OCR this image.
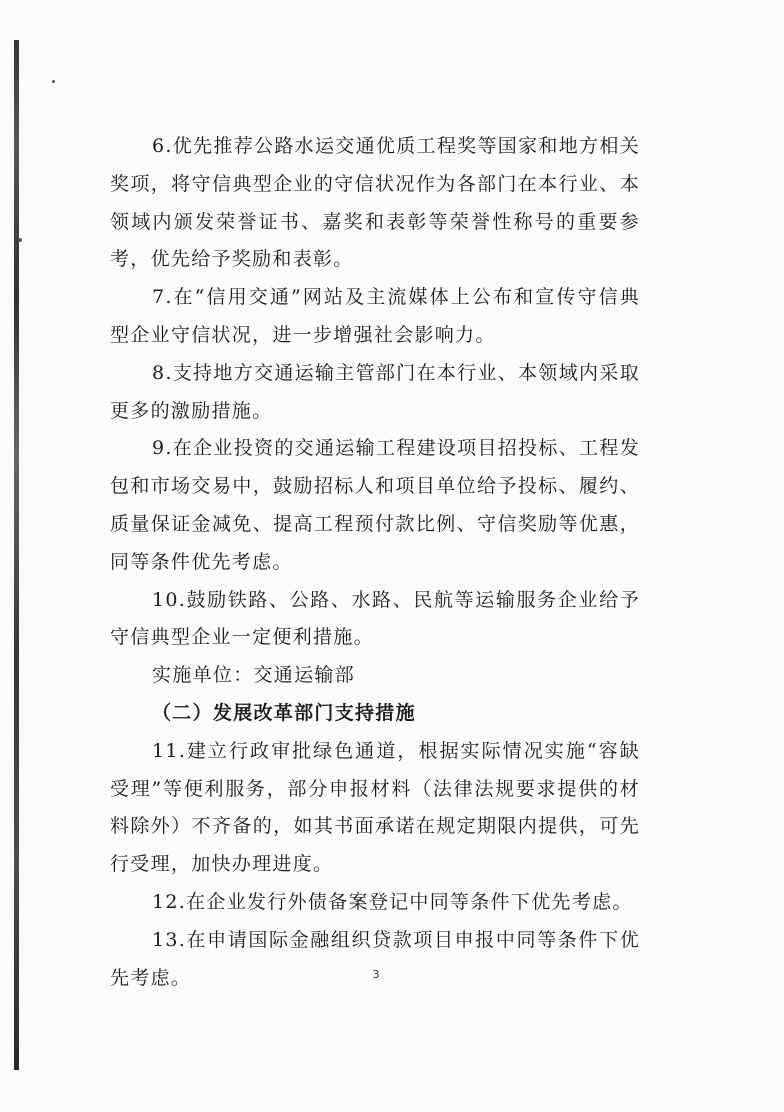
6.优先推荐公路水运交通优质工程奖等国家和地方相关奖项，将守信典型企业的守信状况作为各部门在本行业、本领域内颁发荣誉证书、嘉奖和表彰等荣誉性称号的重要参考，优先给予奖励和表彰。

7.在“信用交通”网站及主流媒体上公布和宣传守信典型企业守信状况，进一步增强社会影响力。

8.支持地方交通运输主管部门在本行业、本领域内采取更多的激励措施。

9.在企业投资的交通运输工程建设项目招投标、工程发包和市场交易中，鼓励招标人和项目单位给予投标、履约、质量保证金减免、提高工程预付款比例、守信奖励等优惠，同等条件优先考虑。

10.鼓励铁路、公路、水路、民航等运输服务企业给予守信典型企业一定便利措施。

实施单位：交通运输部

（二）发展改革部门支持措施

11.建立行政审批绿色通道，根据实际情况实施“容缺受理”等便利服务，部分申报材料（法律法规要求提供的材料除外）不齐备的，如其书面承诺在规定期限内提供，可先行受理，加快办理进度。

12.在企业发行外债备案登记中同等条件下优先考虑。

13.在申请国际金融组织贷款项目申报中同等条件下优先考虑。	3
